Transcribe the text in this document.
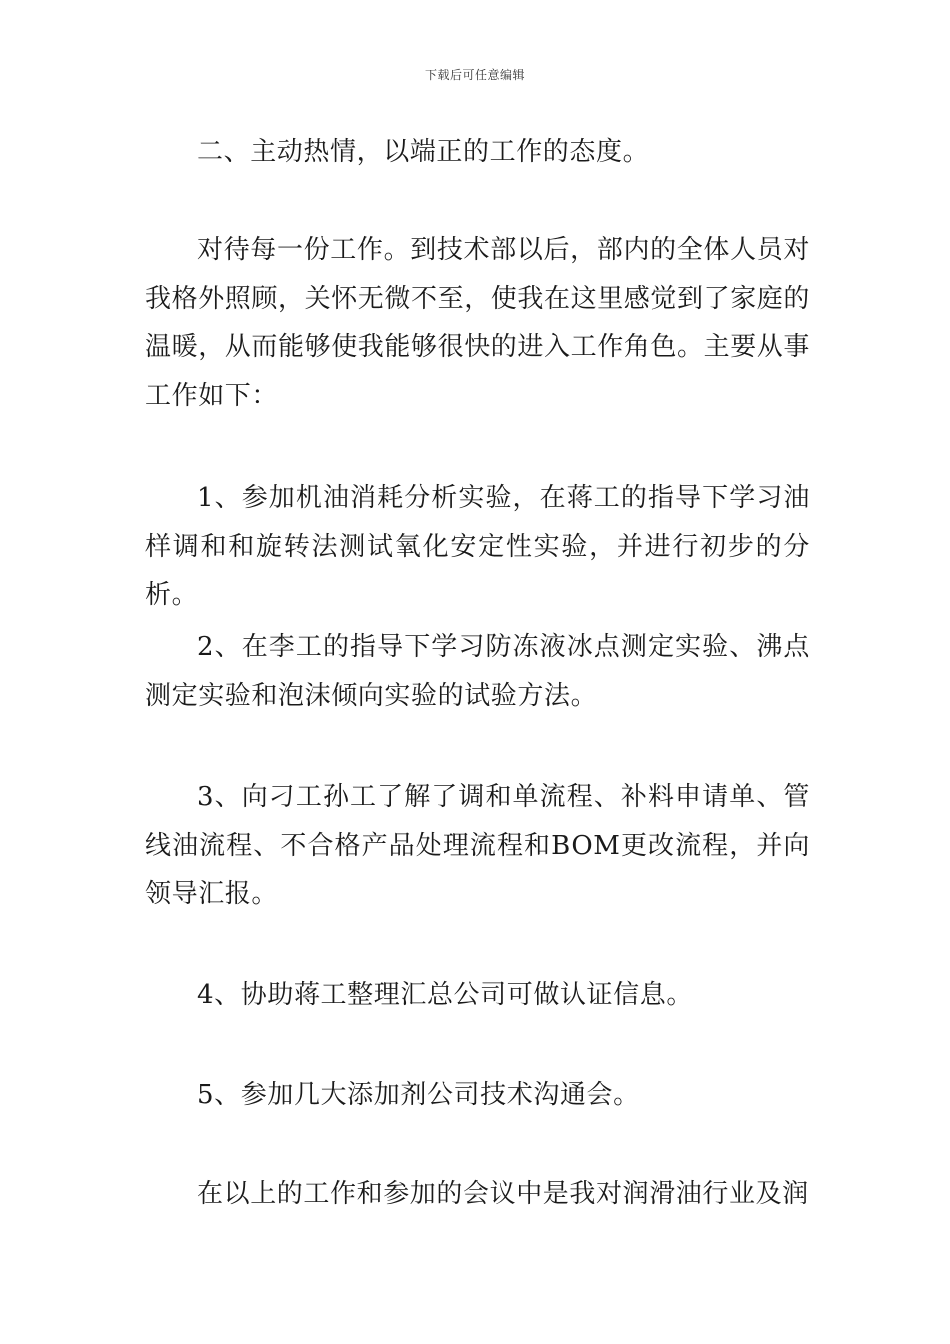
下载后可任意编辑

二、主动热情，以端正的工作的态度。

对待每一份工作。到技术部以后，部内的全体人员对我格外照顾，关怀无微不至，使我在这里感觉到了家庭的温暖，从而能够使我能够很快的进入工作角色。主要从事工作如下：

1、参加机油消耗分析实验，在蒋工的指导下学习油样调和和旋转法测试氧化安定性实验，并进行初步的分析。

2、在李工的指导下学习防冻液冰点测定实验、沸点测定实验和泡沫倾向实验的试验方法。

3、向刁工孙工了解了调和单流程、补料申请单、管线油流程、不合格产品处理流程和BOM更改流程，并向领导汇报。

4、协助蒋工整理汇总公司可做认证信息。

5、参加几大添加剂公司技术沟通会。

在以上的工作和参加的会议中是我对润滑油行业及润
